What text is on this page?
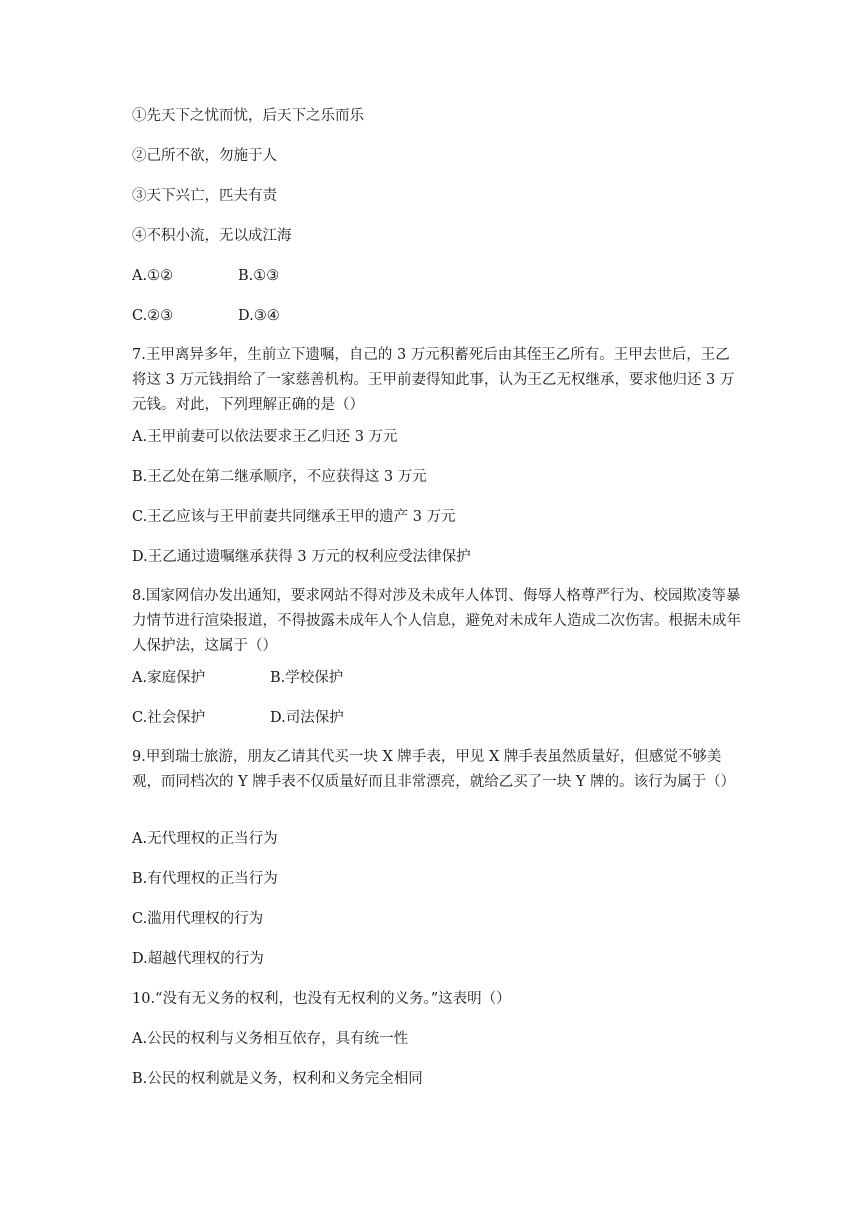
①先天下之忧而忧，后天下之乐而乐
②己所不欲，勿施于人
③天下兴亡，匹夫有责
④不积小流，无以成江海
A.①②	B.①③
C.②③	D.③④
7.王甲离异多年，生前立下遗嘱，自己的 3 万元积蓄死后由其侄王乙所有。王甲去世后，王乙将这 3 万元钱捐给了一家慈善机构。王甲前妻得知此事，认为王乙无权继承，要求他归还 3 万元钱。对此，下列理解正确的是（）
A.王甲前妻可以依法要求王乙归还 3 万元
B.王乙处在第二继承顺序，不应获得这 3 万元
C.王乙应该与王甲前妻共同继承王甲的遗产 3 万元
D.王乙通过遗嘱继承获得 3 万元的权利应受法律保护
8.国家网信办发出通知，要求网站不得对涉及未成年人体罚、侮辱人格尊严行为、校园欺凌等暴力情节进行渲染报道，不得披露未成年人个人信息，避免对未成年人造成二次伤害。根据未成年人保护法，这属于（）
A.家庭保护	B.学校保护
C.社会保护	D.司法保护
9.甲到瑞士旅游，朋友乙请其代买一块 X 牌手表，甲见 X 牌手表虽然质量好，但感觉不够美观，而同档次的 Y 牌手表不仅质量好而且非常漂亮，就给乙买了一块 Y 牌的。该行为属于（）
A.无代理权的正当行为
B.有代理权的正当行为
C.滥用代理权的行为
D.超越代理权的行为
10.“没有无义务的权利，也没有无权利的义务。”这表明（）
A.公民的权利与义务相互依存，具有统一性
B.公民的权利就是义务，权利和义务完全相同
